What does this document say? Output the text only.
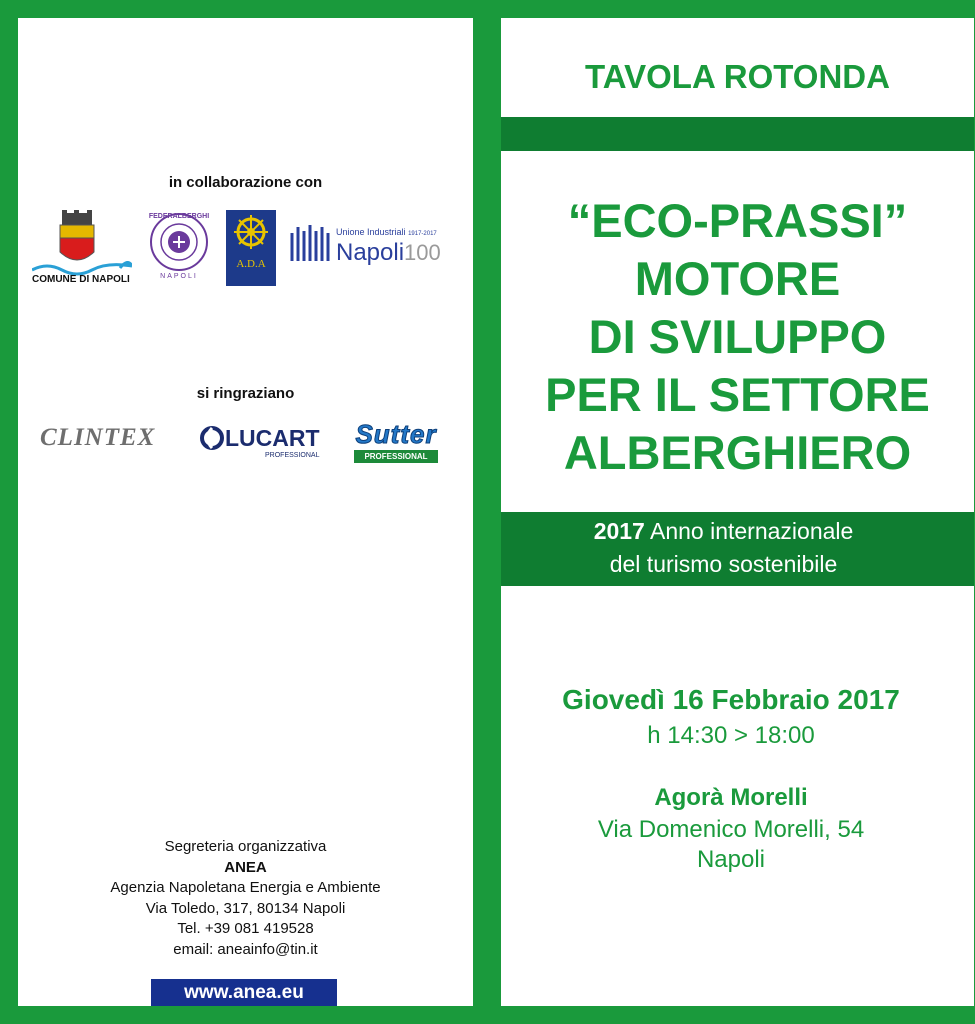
in collaborazione con
COMUNE DI NAPOLI
FEDERALBERGHI
NAPOLI
A.D.A
Unione Industriali 1917-2017
Napoli100
si ringraziano
CLINTEX	LUCART
PROFESSIONAL
Sutter
PROFESSIONAL
Segreteria organizzativa
ANEA
Agenzia Napoletana Energia e Ambiente
Via Toledo, 317, 80134 Napoli
Tel. +39 081 419528
email: aneainfo@tin.it
www.anea.eu
TAVOLA ROTONDA
“ECO-PRASSI”
MOTORE
DI SVILUPPO
PER IL SETTORE
ALBERGHIERO
2017 Anno internazionale
del turismo sostenibile
Giovedì 16 Febbraio 2017
h 14:30 > 18:00
Agorà Morelli
Via Domenico Morelli, 54
Napoli
